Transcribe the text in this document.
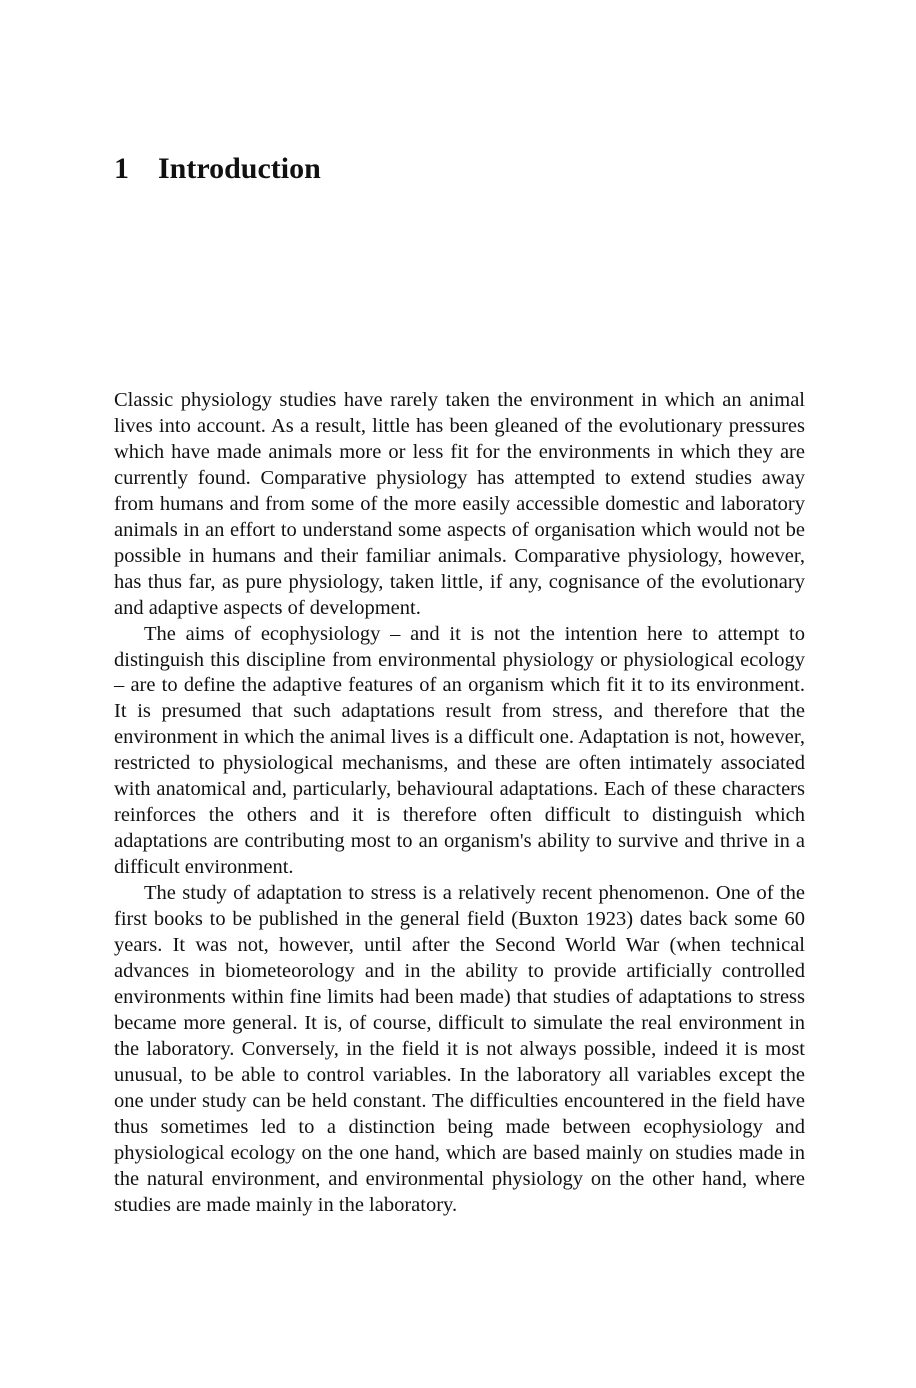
1 Introduction

Classic physiology studies have rarely taken the environment in which an animal lives into account. As a result, little has been gleaned of the evolutionary pressures which have made animals more or less fit for the environments in which they are currently found. Comparative physiology has attempted to extend studies away from humans and from some of the more easily accessible domestic and laboratory animals in an effort to understand some aspects of organisation which would not be possible in humans and their familiar animals. Comparative physiology, however, has thus far, as pure physiology, taken little, if any, cognisance of the evolutionary and adaptive aspects of development.

The aims of ecophysiology – and it is not the intention here to attempt to distinguish this discipline from environmental physiology or physiological ecology – are to define the adaptive features of an organism which fit it to its environment. It is presumed that such adaptations result from stress, and therefore that the environment in which the animal lives is a difficult one. Adaptation is not, however, restricted to physiological mechanisms, and these are often intimately associated with anatomical and, particularly, behavioural adaptations. Each of these characters reinforces the others and it is therefore often difficult to distinguish which adaptations are contributing most to an organism's ability to survive and thrive in a difficult environment.

The study of adaptation to stress is a relatively recent phenomenon. One of the first books to be published in the general field (Buxton 1923) dates back some 60 years. It was not, however, until after the Second World War (when technical advances in biometeorology and in the ability to provide artificially controlled environments within fine limits had been made) that studies of adaptations to stress became more general. It is, of course, difficult to simulate the real environment in the laboratory. Conversely, in the field it is not always possible, indeed it is most unusual, to be able to control variables. In the laboratory all variables except the one under study can be held constant. The difficulties encountered in the field have thus sometimes led to a distinction being made between ecophysiology and physiological ecology on the one hand, which are based mainly on studies made in the natural environment, and environmental physiology on the other hand, where studies are made mainly in the laboratory.
